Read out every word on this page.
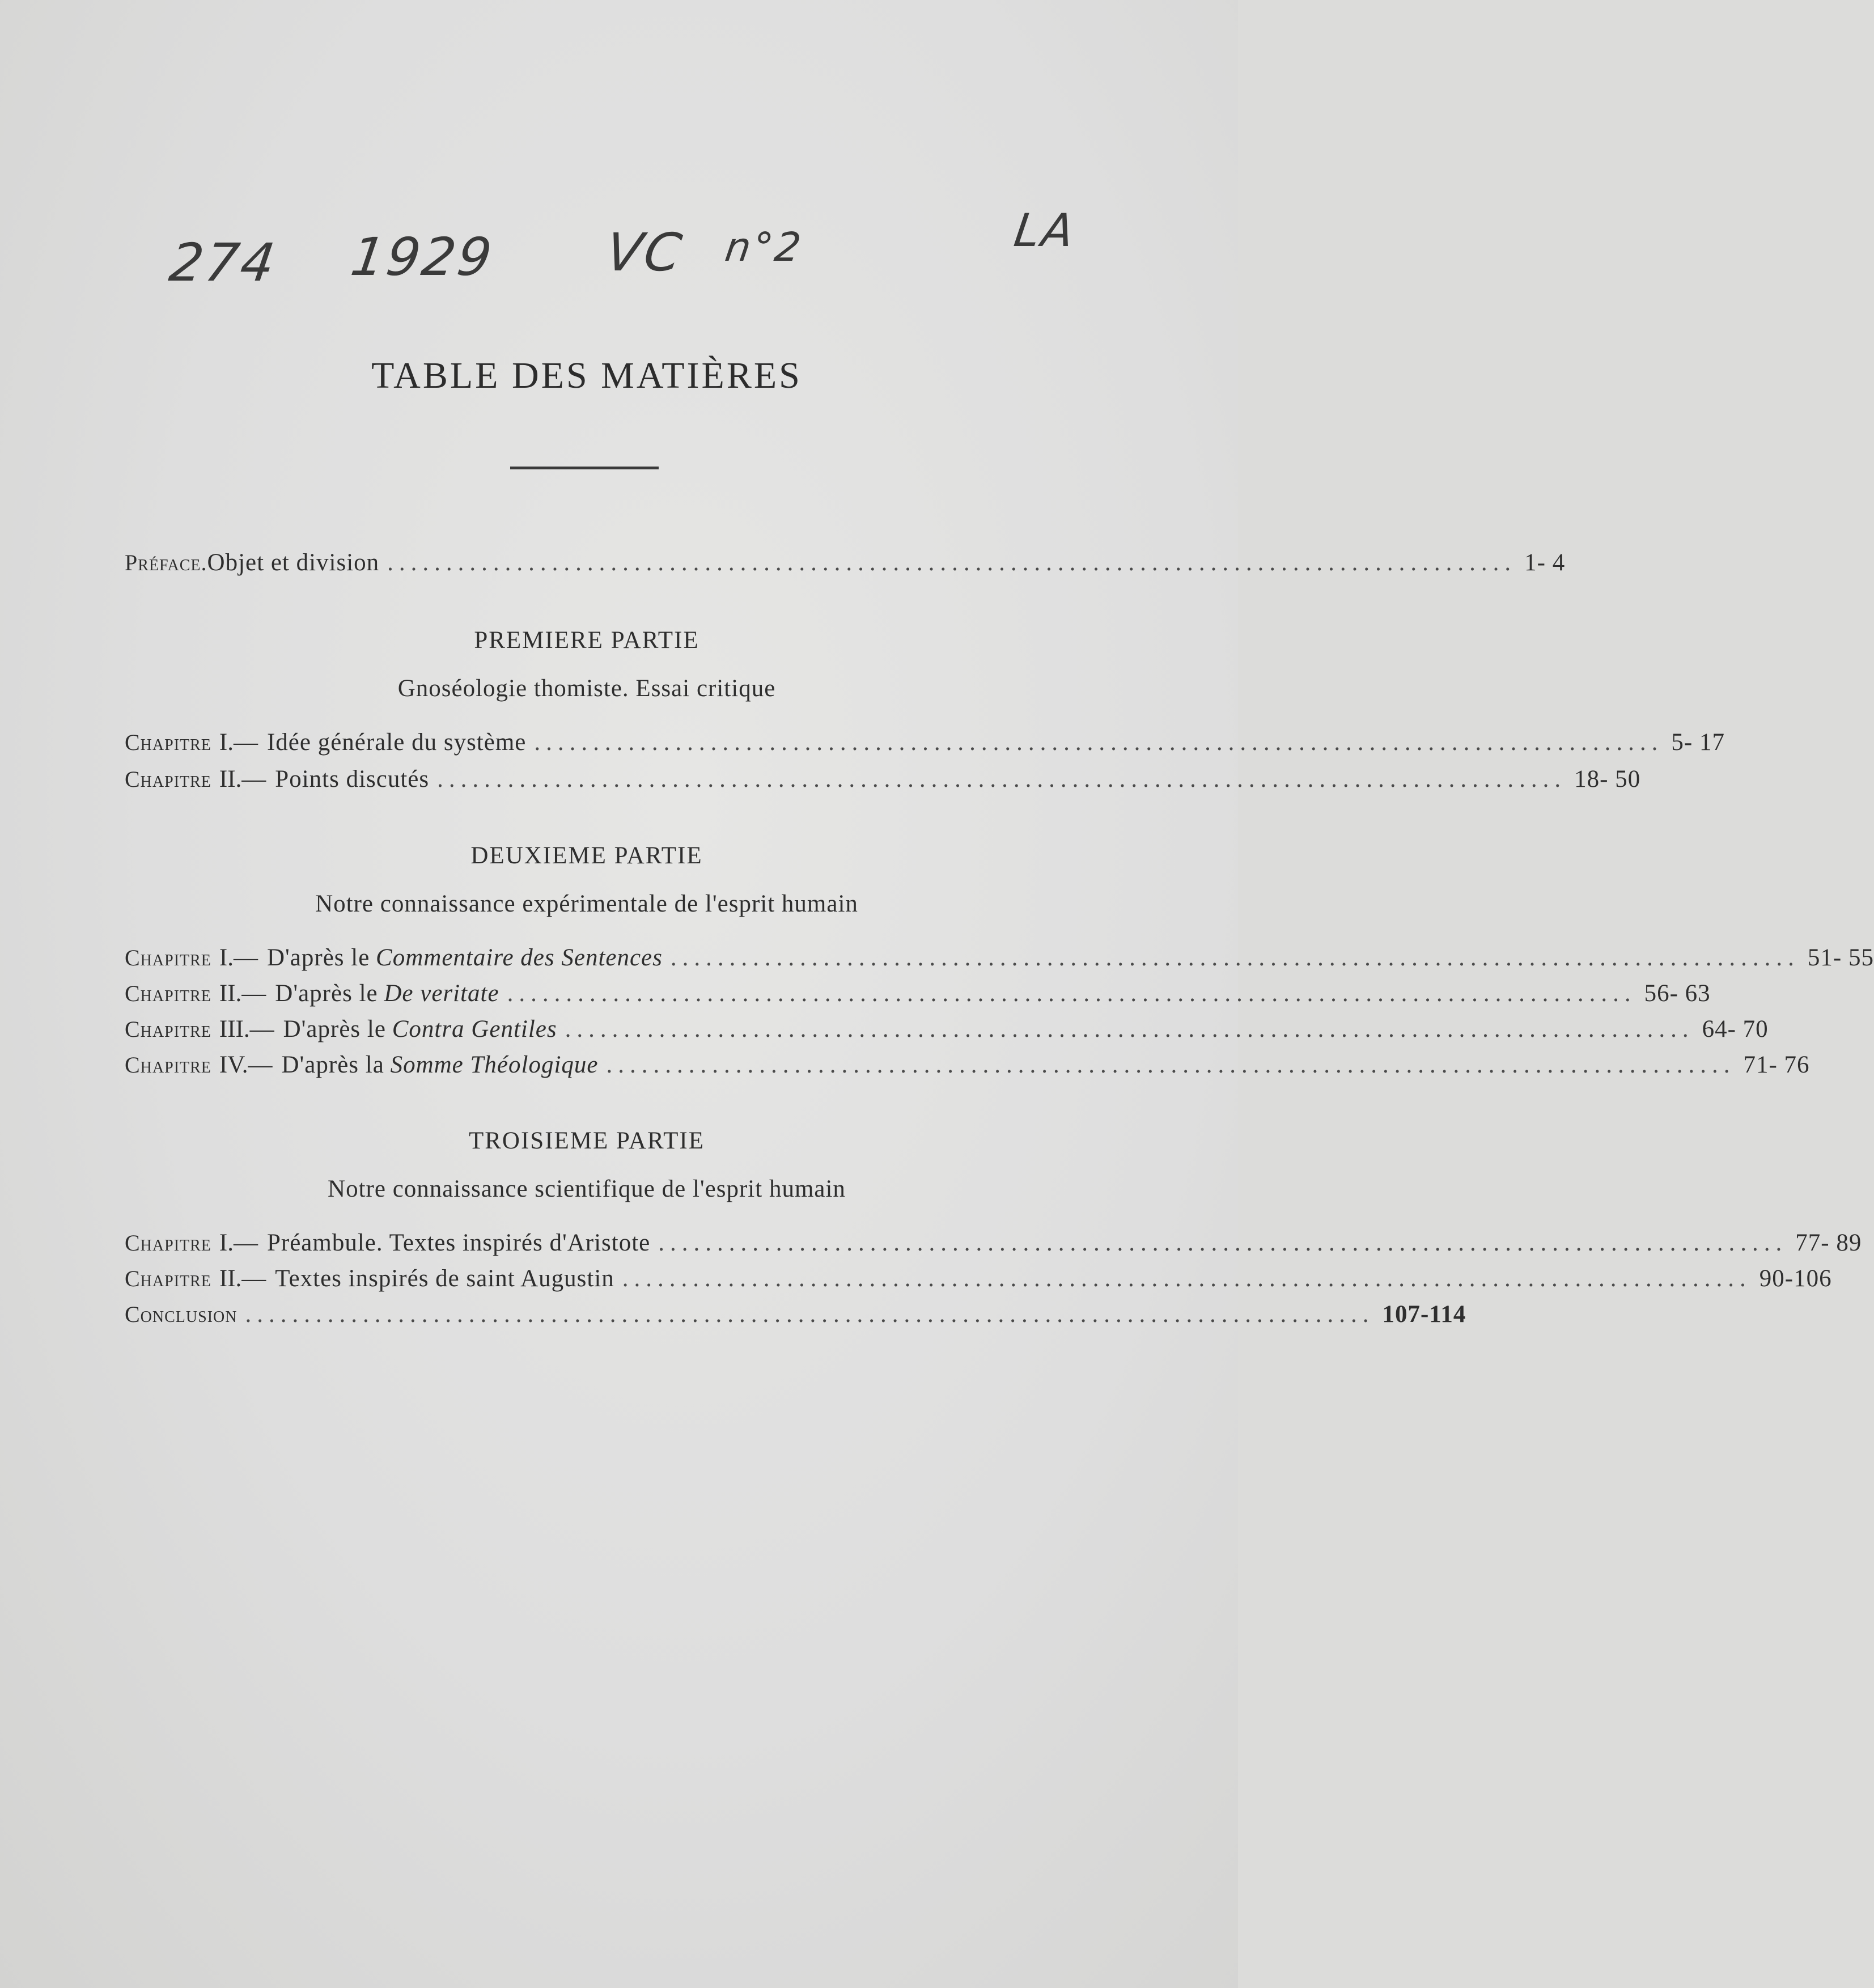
274 1929 VC n°2	LA
TABLE DES MATIÈRES
Préface. Objet et division ................................................................................................ 1- 4
PREMIERE PARTIE
Gnoséologie thomiste. Essai critique
Chapitre I. — Idée générale du système ................................................................................................ 5- 17
Chapitre II. — Points discutés ................................................................................................ 18- 50
DEUXIEME PARTIE
Notre connaissance expérimentale de l'esprit humain
Chapitre I. — D'après le
Commentaire des Sentences ................................................................................................ 51- 55
Chapitre II. — D'après le
De veritate ................................................................................................ 56- 63
Chapitre III. — D'après le
Contra Gentiles ................................................................................................ 64- 70
Chapitre IV. — D'après la
Somme Théologique ................................................................................................ 71- 76
TROISIEME PARTIE
Notre connaissance scientifique de l'esprit humain
Chapitre I. — Préambule. Textes inspirés d'Aristote ................................................................................................ 77- 89
Chapitre II. — Textes inspirés de saint Augustin ................................................................................................ 90-106
Conclusion ................................................................................................ 107-114
